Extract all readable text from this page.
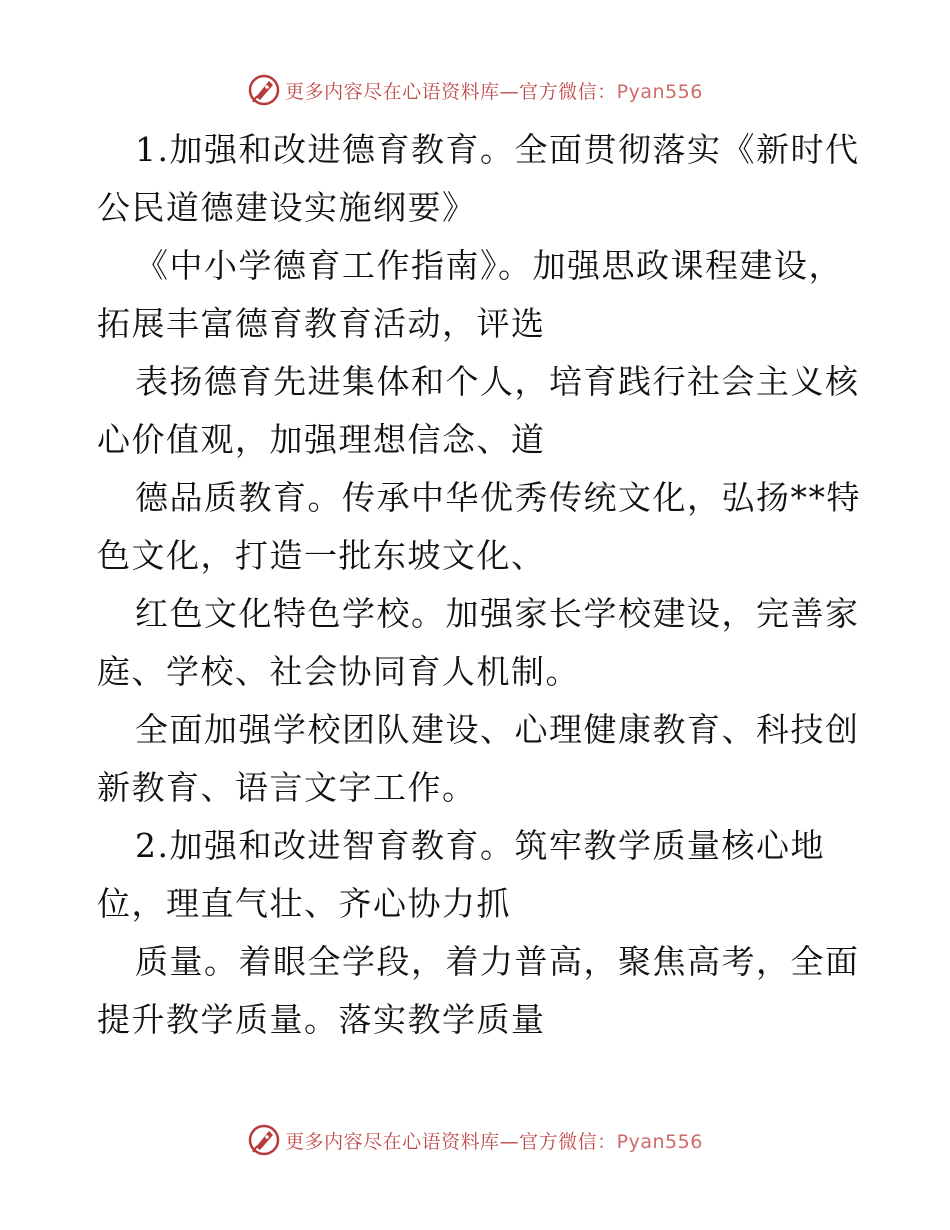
更多内容尽在心语资料库—官方微信：Pyan556
1.加强和改进德育教育。全面贯彻落实《新时代
公民道德建设实施纲要》
《中小学德育工作指南》。加强思政课程建设，
拓展丰富德育教育活动，评选
表扬德育先进集体和个人，培育践行社会主义核
心价值观，加强理想信念、道
德品质教育。传承中华优秀传统文化，弘扬**特
色文化，打造一批东坡文化、
红色文化特色学校。加强家长学校建设，完善家
庭、学校、社会协同育人机制。
全面加强学校团队建设、心理健康教育、科技创
新教育、语言文字工作。
2.加强和改进智育教育。筑牢教学质量核心地
位，理直气壮、齐心协力抓
质量。着眼全学段，着力普高，聚焦高考，全面
提升教学质量。落实教学质量
更多内容尽在心语资料库—官方微信：Pyan556
